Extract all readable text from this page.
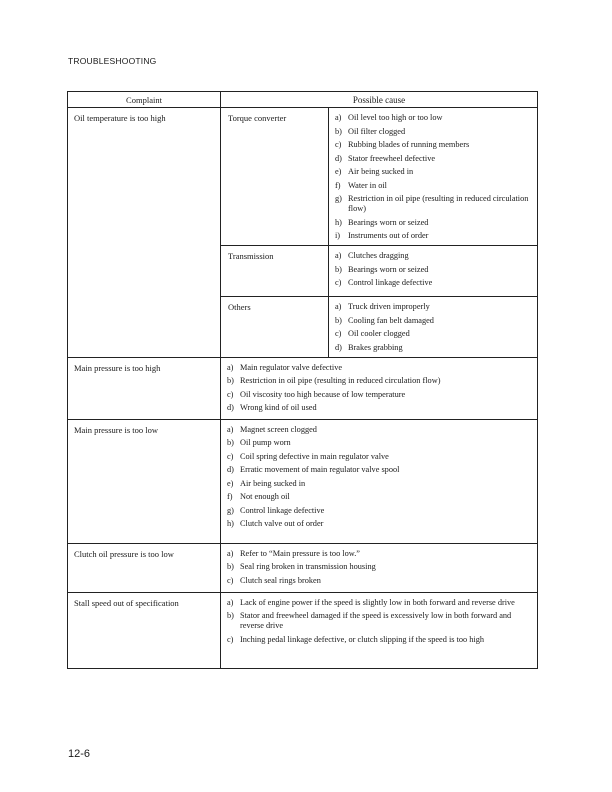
TROUBLESHOOTING
Complaint	Possible cause
Oil temperature is too high	Torque converter	a) Oil level too high or too low
b) Oil filter clogged
c) Rubbing blades of running members
d) Stator freewheel defective
e) Air being sucked in
f) Water in oil
g) Restriction in oil pipe (resulting in reduced circulation flow)
h) Bearings worn or seized
i) Instruments out of order
Transmission	a) Clutches dragging
b) Bearings worn or seized
c) Control linkage defective
Others	a) Truck driven improperly
b) Cooling fan belt damaged
c) Oil cooler clogged
d) Brakes grabbing
Main pressure is too high	a) Main regulator valve defective
b) Restriction in oil pipe (resulting in reduced circulation flow)
c) Oil viscosity too high because of low temperature
d) Wrong kind of oil used
Main pressure is too low	a) Magnet screen clogged
b) Oil pump worn
c) Coil spring defective in main regulator valve
d) Erratic movement of main regulator valve spool
e) Air being sucked in
f) Not enough oil
g) Control linkage defective
h) Clutch valve out of order
Clutch oil pressure is too low	a) Refer to “Main pressure is too low.”
b) Seal ring broken in transmission housing
c) Clutch seal rings broken
Stall speed out of specification	a) Lack of engine power if the speed is slightly low in both forward and reverse drive
b) Stator and freewheel damaged if the speed is excessively low in both forward and reverse drive
c) Inching pedal linkage defective, or clutch slipping if the speed is too high
12-6
